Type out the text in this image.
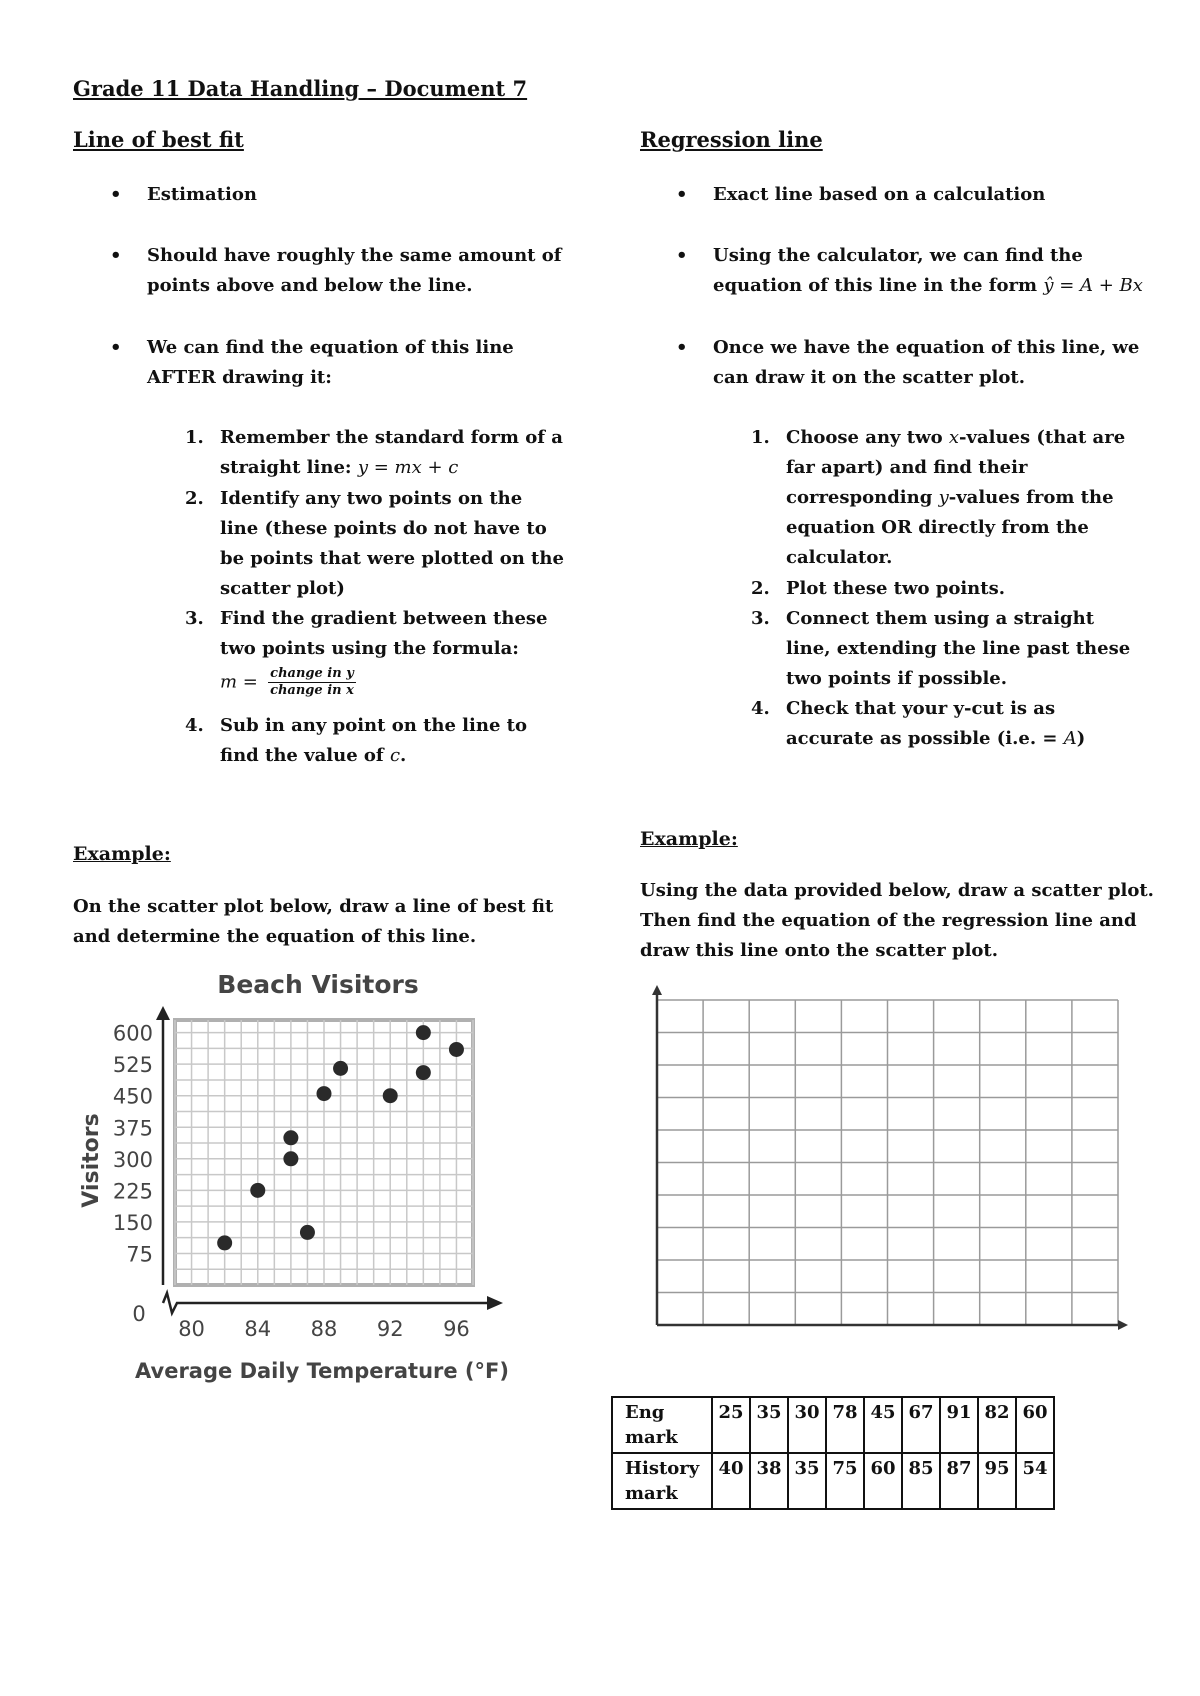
Grade 11 Data Handling – Document 7
Line of best fit
• Estimation
• Should have roughly the same amount of points above and below the line.
• We can find the equation of this line AFTER drawing it:
1. Remember the standard form of a straight line: y = mx + c
2. Identify any two points on the line (these points do not have to be points that were plotted on the scatter plot)
3. Find the gradient between these two points using the formula:
$m = \frac{\text{change in y}}{\text{change in x}}$
4. Sub in any point on the line to find the value of c.
Example:
On the scatter plot below, draw a line of best fit and determine the equation of this line.
Beach Visitors
600
525
450
375
300
225
150
75
0
80 84 88 92 96
Average Daily Temperature (°F)
Visitors
Regression line
• Exact line based on a calculation
• Using the calculator, we can find the equation of this line in the form ŷ = A + Bx
• Once we have the equation of this line, we can draw it on the scatter plot.
1. Choose any two x-values (that are far apart) and find their corresponding y-values from the equation OR directly from the calculator.
2. Plot these two points.
3. Connect them using a straight line, extending the line past these two points if possible.
4. Check that your y-cut is as accurate as possible (i.e. = A)
Example:
Using the data provided below, draw a scatter plot. Then find the equation of the regression line and draw this line onto the scatter plot.
Eng mark	25	35	30	78	45	67	91	82	60
History mark	40	38	35	75	60	85	87	95	54
